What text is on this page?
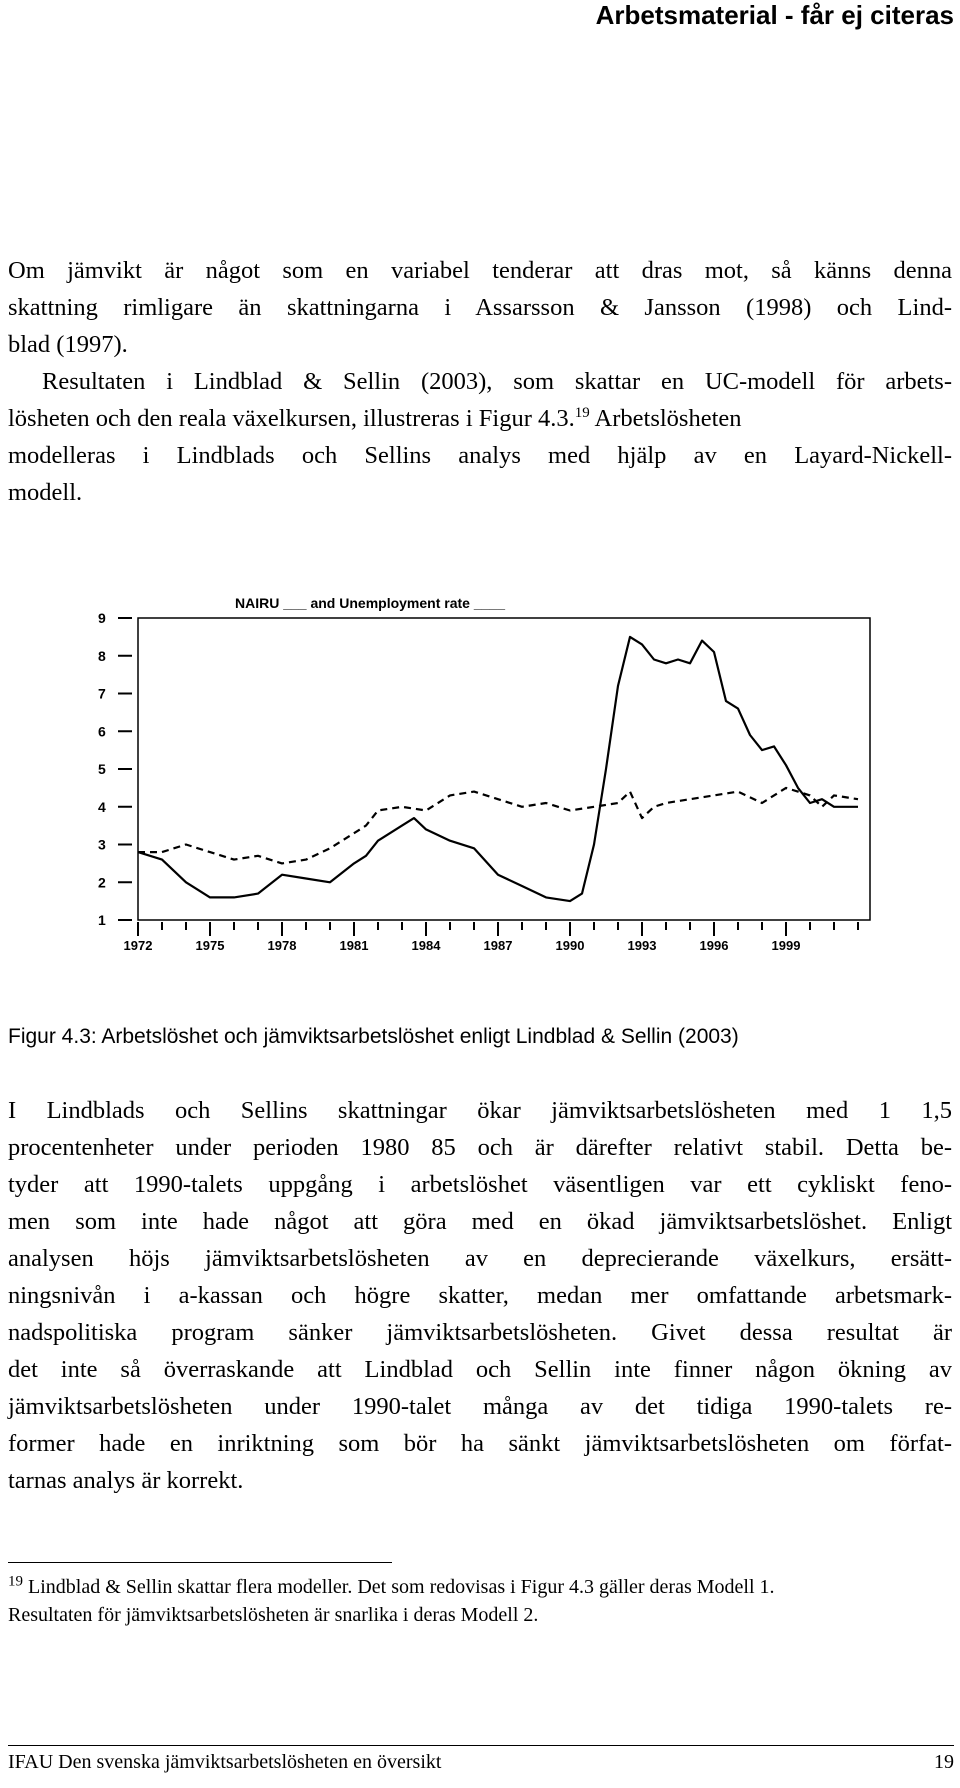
Arbetsmaterial - får ej citeras
Om jämvikt är något som en variabel tenderar att dras mot, så känns denna
skattning rimligare än skattningarna i Assarsson & Jansson (1998) och Lind-
blad (1997).
Resultaten i Lindblad & Sellin (2003), som skattar en UC-modell för arbets-
lösheten och den reala växelkursen, illustreras i Figur 4.3.19 Arbetslösheten
modelleras i Lindblads och Sellins analys med hjälp av en Layard-Nickell-
modell.
NAIRU ___ and Unemployment rate ____
1
2
3
4
5
6
7
8
9
1972	1975	1978	1981	1984	1987	1990	1993	1996	1999
Figur 4.3: Arbetslöshet och jämviktsarbetslöshet enligt Lindblad & Sellin (2003)
I Lindblads och Sellins skattningar ökar jämviktsarbetslösheten med 1 1,5
procentenheter under perioden 1980 85 och är därefter relativt stabil. Detta be-
tyder att 1990-talets uppgång i arbetslöshet väsentligen var ett cykliskt feno-
men som inte hade något att göra med en ökad jämviktsarbetslöshet. Enligt
analysen höjs jämviktsarbetslösheten av en deprecierande växelkurs, ersätt-
ningsnivån i a-kassan och högre skatter, medan mer omfattande arbetsmark-
nadspolitiska program sänker jämviktsarbetslösheten. Givet dessa resultat är
det inte så överraskande att Lindblad och Sellin inte finner någon ökning av
jämviktsarbetslösheten under 1990-talet många av det tidiga 1990-talets re-
former hade en inriktning som bör ha sänkt jämviktsarbetslösheten om förfat-
tarnas analys är korrekt.
$^{19}$ Lindblad & Sellin skattar flera modeller. Det som redovisas i Figur 4.3 gäller deras Modell 1.
Resultaten för jämviktsarbetslösheten är snarlika i deras Modell 2.
IFAU Den svenska jämviktsarbetslösheten en översikt	19
